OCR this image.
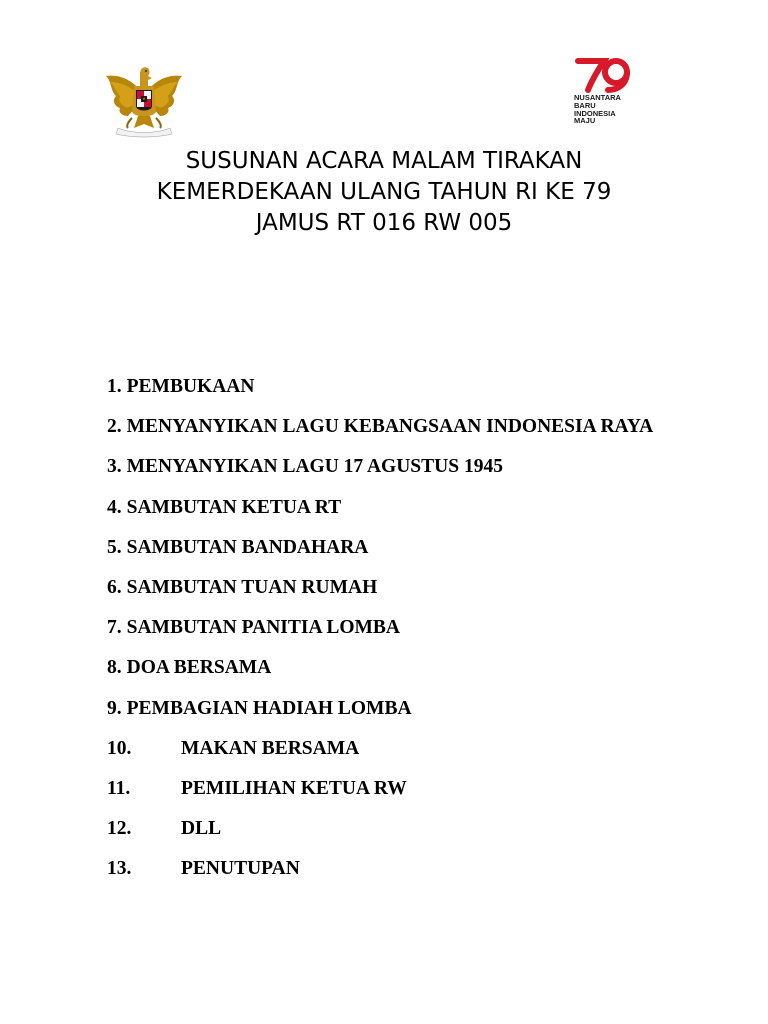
NUSANTARA
BARU
INDONESIA
MAJU
SUSUNAN ACARA MALAM TIRAKAN
KEMERDEKAAN ULANG TAHUN RI KE 79
JAMUS RT 016 RW 005
1. PEMBUKAAN
2. MENYANYIKAN LAGU KEBANGSAAN INDONESIA RAYA
3. MENYANYIKAN LAGU 17 AGUSTUS 1945
4. SAMBUTAN KETUA RT
5. SAMBUTAN BANDAHARA
6. SAMBUTAN TUAN RUMAH
7. SAMBUTAN PANITIA LOMBA
8. DOA BERSAMA
9. PEMBAGIAN HADIAH LOMBA
10.	MAKAN BERSAMA
11.	PEMILIHAN KETUA RW
12.	DLL
13.	PENUTUPAN
